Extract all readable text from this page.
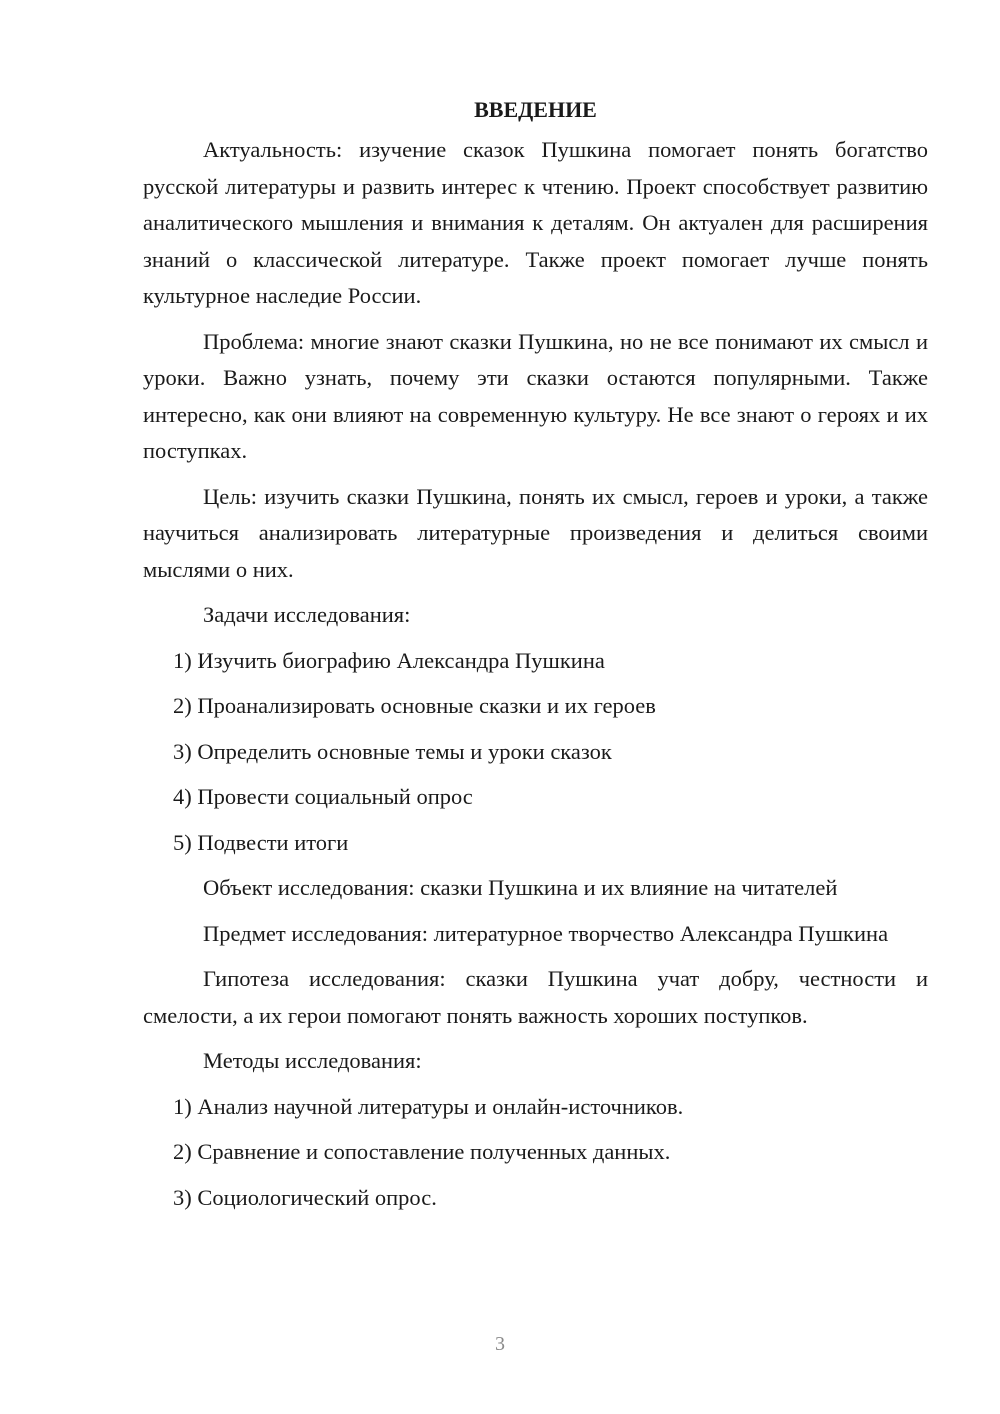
ВВЕДЕНИЕ

Актуальность: изучение сказок Пушкина помогает понять богатство русской литературы и развить интерес к чтению. Проект способствует развитию аналитического мышления и внимания к деталям. Он актуален для расширения знаний о классической литературе. Также проект помогает лучше понять культурное наследие России.

Проблема: многие знают сказки Пушкина, но не все понимают их смысл и уроки. Важно узнать, почему эти сказки остаются популярными. Также интересно, как они влияют на современную культуру. Не все знают о героях и их поступках.

Цель: изучить сказки Пушкина, понять их смысл, героев и уроки, а также научиться анализировать литературные произведения и делиться своими мыслями о них.

Задачи исследования:
1) Изучить биографию Александра Пушкина
2) Проанализировать основные сказки и их героев
3) Определить основные темы и уроки сказок
4) Провести социальный опрос
5) Подвести итоги
Объект исследования: сказки Пушкина и их влияние на читателей

Предмет исследования: литературное творчество Александра Пушкина

Гипотеза исследования: сказки Пушкина учат добру, честности и смелости, а их герои помогают понять важность хороших поступков.

Методы исследования:
1) Анализ научной литературы и онлайн-источников.
2) Сравнение и сопоставление полученных данных.
3) Социологический опрос.
3
